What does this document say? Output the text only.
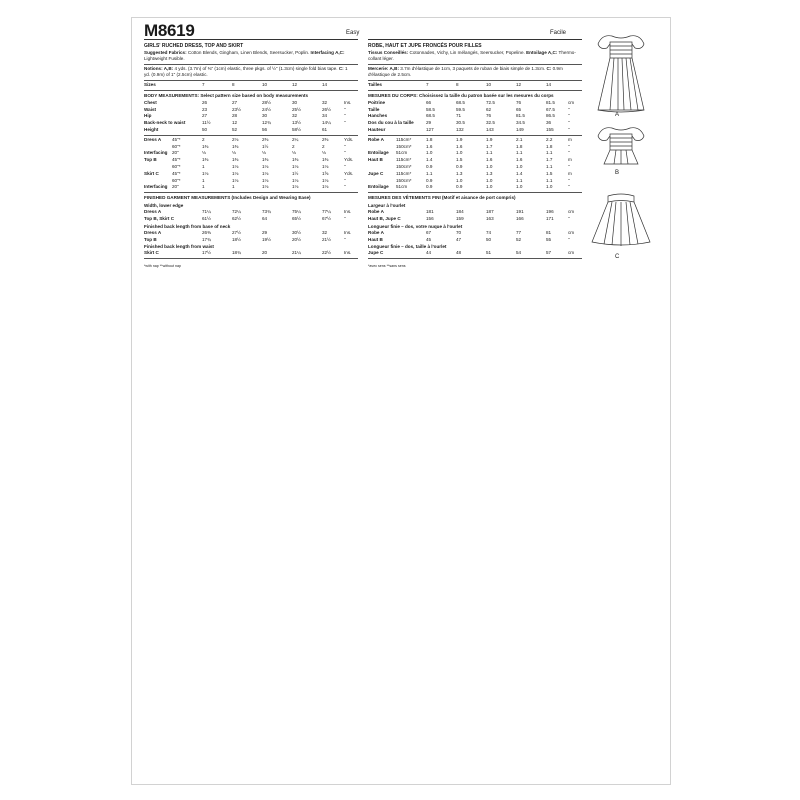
M8619	Easy	Facile
GIRLS' RUCHED DRESS, TOP AND SKIRT
Suggested Fabrics: Cotton Blends, Gingham, Linen Blends, Seersucker, Poplin. Interfacing A,C: Lightweight Fusible.
Notions: A,B: 4 yds. (3.7m) of ⅜" (1cm) elastic, three pkgs. of ½" (1.3cm) single fold bias tape. C: 1 yd. (0.9m) of 1" (2.5cm) elastic.
Sizes	7	8	10	12	14
BODY MEASUREMENTS: Select pattern size based on body measurements
Chest	26	27	28½	30	32	Ins.
Waist	23	23½	24½	25½	26½	"
Hip	27	28	30	32	34	"
Back-neck to waist	11½	12	12¾	13½	14¼	"
Height	50	52	56	58½	61
Dress A 45"*	2	2⅛	2⅜	2¼	2⅜	Yds.
60"*	1⅜	1⅜	1½	2	2	"
Interfacing 20"	⅛	⅛	⅛	⅛	⅛	"
Top B	45"*	1⅜	1⅜	1⅜	1⅜	1⅜	Yds.
60"*	1	1⅛	1⅛	1⅛	1⅛	"
Skirt C	45"*	1⅛	1⅛	1⅛	1½	1⅝	Yds.
60"*	1	1⅛	1⅛	1⅛	1⅛	"
Interfacing 20"	1	1	1⅛	1⅛	1⅛	"
FINISHED GARMENT MEASUREMENTS (Includes Design and Wearing Ease)
Width, lower edge
Dress A	71¼	72¼	73¾	75¼	77¼	Ins.
Top B, Skirt C	61½	62½	64	65½	67½	"
Finished back length from base of neck
Dress A	26⅜	27½	29	30½	32	Ins.
Top B	17¾	18½	19½	20½	21½	"
Finished back length from waist
Skirt C	17½	18¾	20	21¼	22½	Ins.
*with nap **without nap
ROBE, HAUT ET JUPE FRONCÉS POUR FILLES
Tissus Conseillés: Cotonnades, Vichy, Lin mélangés, Seersucker, Popeline. Entoilage A,C: Thermo-collant léger.
Mercerie: A,B: 3.7m d'élastique de 1cm, 3 paquets de ruban de biais simple de 1.3cm. C: 0.9m d'élastique de 2.5cm.
Tailles	7	8	10	12	14
MESURES DU CORPS: Choisissez la taille du patron basée sur les mesures du corps
Poitrine	66	68.5	72.5	76	81.5	cm
Taille	58.5	59.5	62	65	67.5	"
Hanches	68.5	71	76	81.5	86.5	"
Dos du cou à la taille	29	30.5	32.5	34.5	36	"
Hauteur	127	132	143	149	155	"
Robe A	115cm*	1.8	1.9	1.9	2.1	2.2	m
150cm*	1.6	1.6	1.7	1.8	1.8	"
Entoilage 51cm	1.0	1.0	1.1	1.1	1.1	"
Haut B	115cm*	1.4	1.5	1.6	1.6	1.7	m
150cm*	0.9	0.9	1.0	1.0	1.1	"
Jupe C	115cm*	1.1	1.3	1.3	1.4	1.5	m
150cm*	0.9	1.0	1.0	1.1	1.1	"
Entoilage 51cm	0.9	0.9	1.0	1.0	1.0	"
MESURES DES VÊTEMENTS FINI (Motif et aisance de port compris)
Largeur à l'ourlet
Robe A	181	184	187	191	196	cm
Haut B, Jupe C	156	159	163	166	171	"
Longueur finie – dos, votre nuque à l'ourlet
Robe A	67	70	74	77	81	cm
Haut B	45	47	50	52	55	"
Longueur finie – dos, taille à l'ourlet
Jupe C	44	48	51	54	57	cm
*avec sens **sans sens
A
B
C
